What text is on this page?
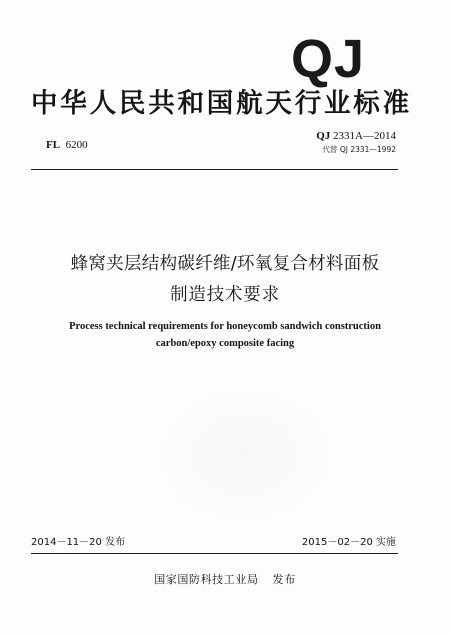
QJ
中华人民共和国航天行业标准
FL 6200
QJ 2331A—2014
代替 QJ 2331—1992
蜂窝夹层结构碳纤维/环氧复合材料面板
制造技术要求
Process technical requirements for honeycomb sandwich construction
carbon/epoxy composite facing
2014－11－20 发布	2015－02－20 实施
国家国防科技工业局 发布
